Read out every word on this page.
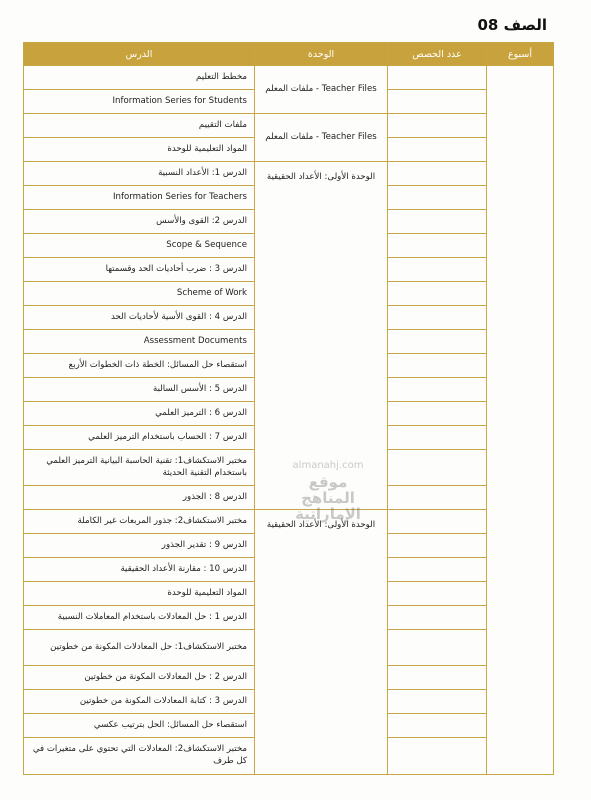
الصف 08
الدرس	الوحدة	عدد الحصص	أسبوع
مخطط التعليم	Teacher Files - ملفات المعلم		
Information Series for Students			
ملفات التقييم	Teacher Files - ملفات المعلم		
المواد التعليمية للوحدة			
الدرس 1: الأعداد النسبية	الوحدة الأولى: الأعداد الحقيقية		
Information Series for Teachers			
الدرس 2: القوى والأسس			
Scope & Sequence			
الدرس 3 : ضرب أحاديات الحد وقسمتها			
Scheme of Work			
الدرس 4 : القوى الأسية لأحاديات الحد			
Assessment Documents			
استقصاء حل المسائل: الخطة ذات الخطوات الأربع			
الدرس 5 : الأسس السالبة			
الدرس 6 : الترميز العلمي			
الدرس 7 : الحساب باستخدام الترميز العلمي			
مختبر الاستكشاف1: تقنية الحاسبة البيانية الترميز العلمي باستخدام التقنية الحديثة			
الدرس 8 : الجذور			
مختبر الاستكشاف2: جذور المربعات غير الكاملة	الوحدة الأولى: الأعداد الحقيقية		
الدرس 9 : تقدير الجذور			
الدرس 10 : مقارنة الأعداد الحقيقية			
المواد التعليمية للوحدة			
الدرس 1 : حل المعادلات باستخدام المعاملات النسبية			
مختبر الاستكشاف1: حل المعادلات المكونة من خطوتين			
الدرس 2 : حل المعادلات المكونة من خطوتين			
الدرس 3 : كتابة المعادلات المكونة من خطوتين			
استقصاء حل المسائل: الحل بترتيب عكسي			
مختبر الاستكشاف2: المعادلات التي تحتوي على متغيرات في كل طرف			
almanahj.com
موقع
المناهج الإماراتية
